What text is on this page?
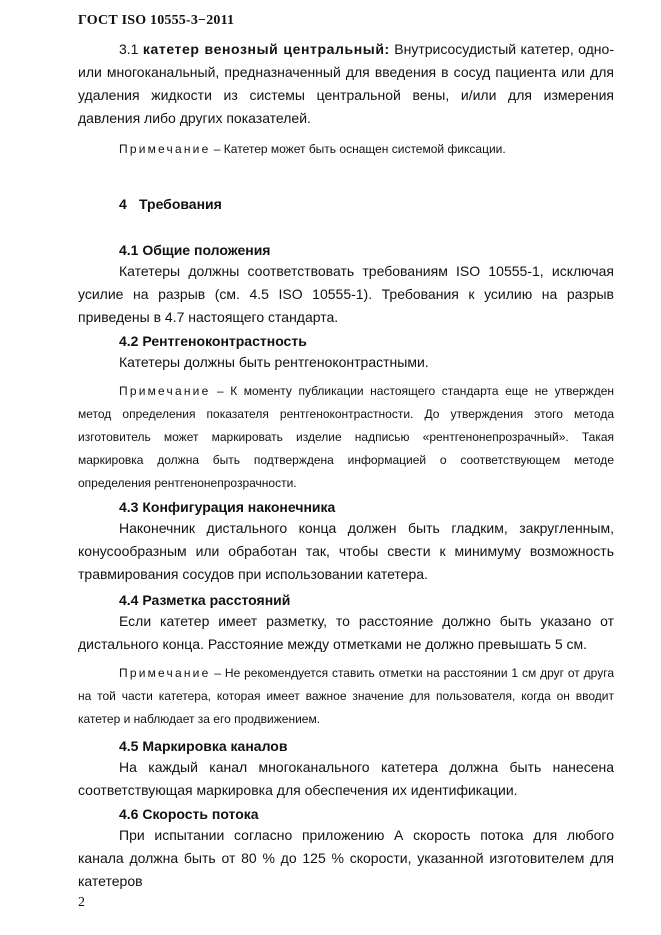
ГОСТ ISO 10555-3−2011

3.1 катетер венозный центральный: Внутрисосудистый катетер, одно- или многоканальный, предназначенный для введения в сосуд пациента или для удаления жидкости из системы центральной вены, и/или для измерения давления либо других показателей.

Примечание – Катетер может быть оснащен системой фиксации.

4 Требования

4.1 Общие положения

Катетеры должны соответствовать требованиям ISO 10555-1, исключая усилие на разрыв (см. 4.5 ISO 10555-1). Требования к усилию на разрыв приведены в 4.7 настоящего стандарта.

4.2 Рентгеноконтрастность

Катетеры должны быть рентгеноконтрастными.

Примечание – К моменту публикации настоящего стандарта еще не утвержден метод определения показателя рентгеноконтрастности. До утверждения этого метода изготовитель может маркировать изделие надписью «рентгенонепрозрачный». Такая маркировка должна быть подтверждена информацией о соответствующем методе определения рентгенонепрозрачности.

4.3 Конфигурация наконечника

Наконечник дистального конца должен быть гладким, закругленным, конусообразным или обработан так, чтобы свести к минимуму возможность травмирования сосудов при использовании катетера.

4.4 Разметка расстояний

Если катетер имеет разметку, то расстояние должно быть указано от дистального конца. Расстояние между отметками не должно превышать 5 см.

Примечание – Не рекомендуется ставить отметки на расстоянии 1 см друг от друга на той части катетера, которая имеет важное значение для пользователя, когда он вводит катетер и наблюдает за его продвижением.

4.5 Маркировка каналов

На каждый канал многоканального катетера должна быть нанесена соответствующая маркировка для обеспечения их идентификации.

4.6 Скорость потока

При испытании согласно приложению А скорость потока для любого канала должна быть от 80 % до 125 % скорости, указанной изготовителем для катетеров

2
